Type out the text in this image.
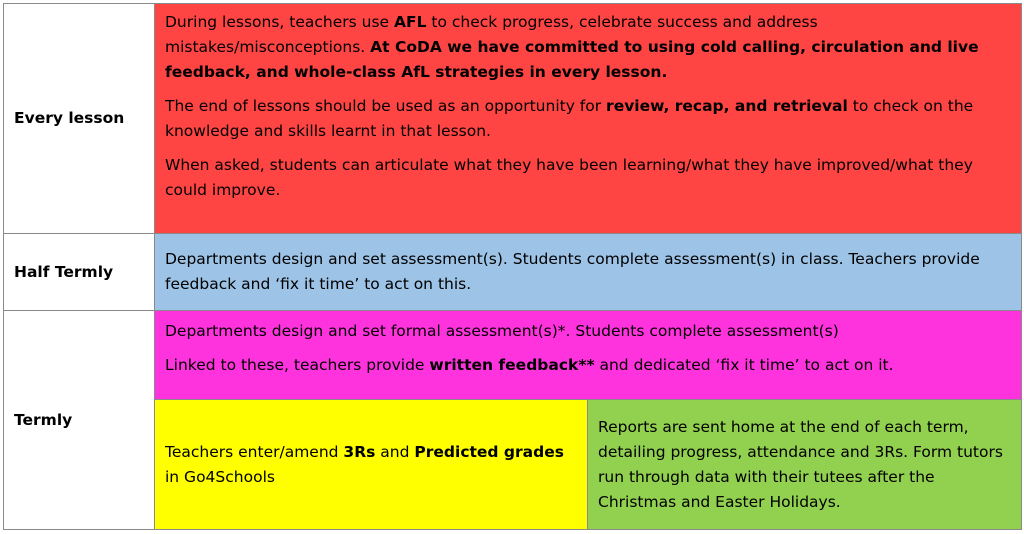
Every lesson	During lessons, teachers use AFL to check progress, celebrate success and address mistakes/misconceptions. At CoDA we have committed to using cold calling, circulation and live feedback, and whole-class AfL strategies in every lesson.

The end of lessons should be used as an opportunity for review, recap, and retrieval to check on the knowledge and skills learnt in that lesson.

When asked, students can articulate what they have been learning/what they have improved/what they could improve.	

Half Termly	Departments design and set assessment(s). Students complete assessment(s) in class. Teachers provide feedback and ‘fix it time’ to act on this.	
Termly	Departments design and set formal assessment(s)*. Students complete assessment(s)

Linked to these, teachers provide written feedback** and dedicated ‘fix it time’ to act on it.	

	Teachers enter/amend 3Rs and Predicted grades in Go4Schools	Reports are sent home at the end of each term, detailing progress, attendance and 3Rs. Form tutors run through data with their tutees after the Christmas and Easter Holidays.
